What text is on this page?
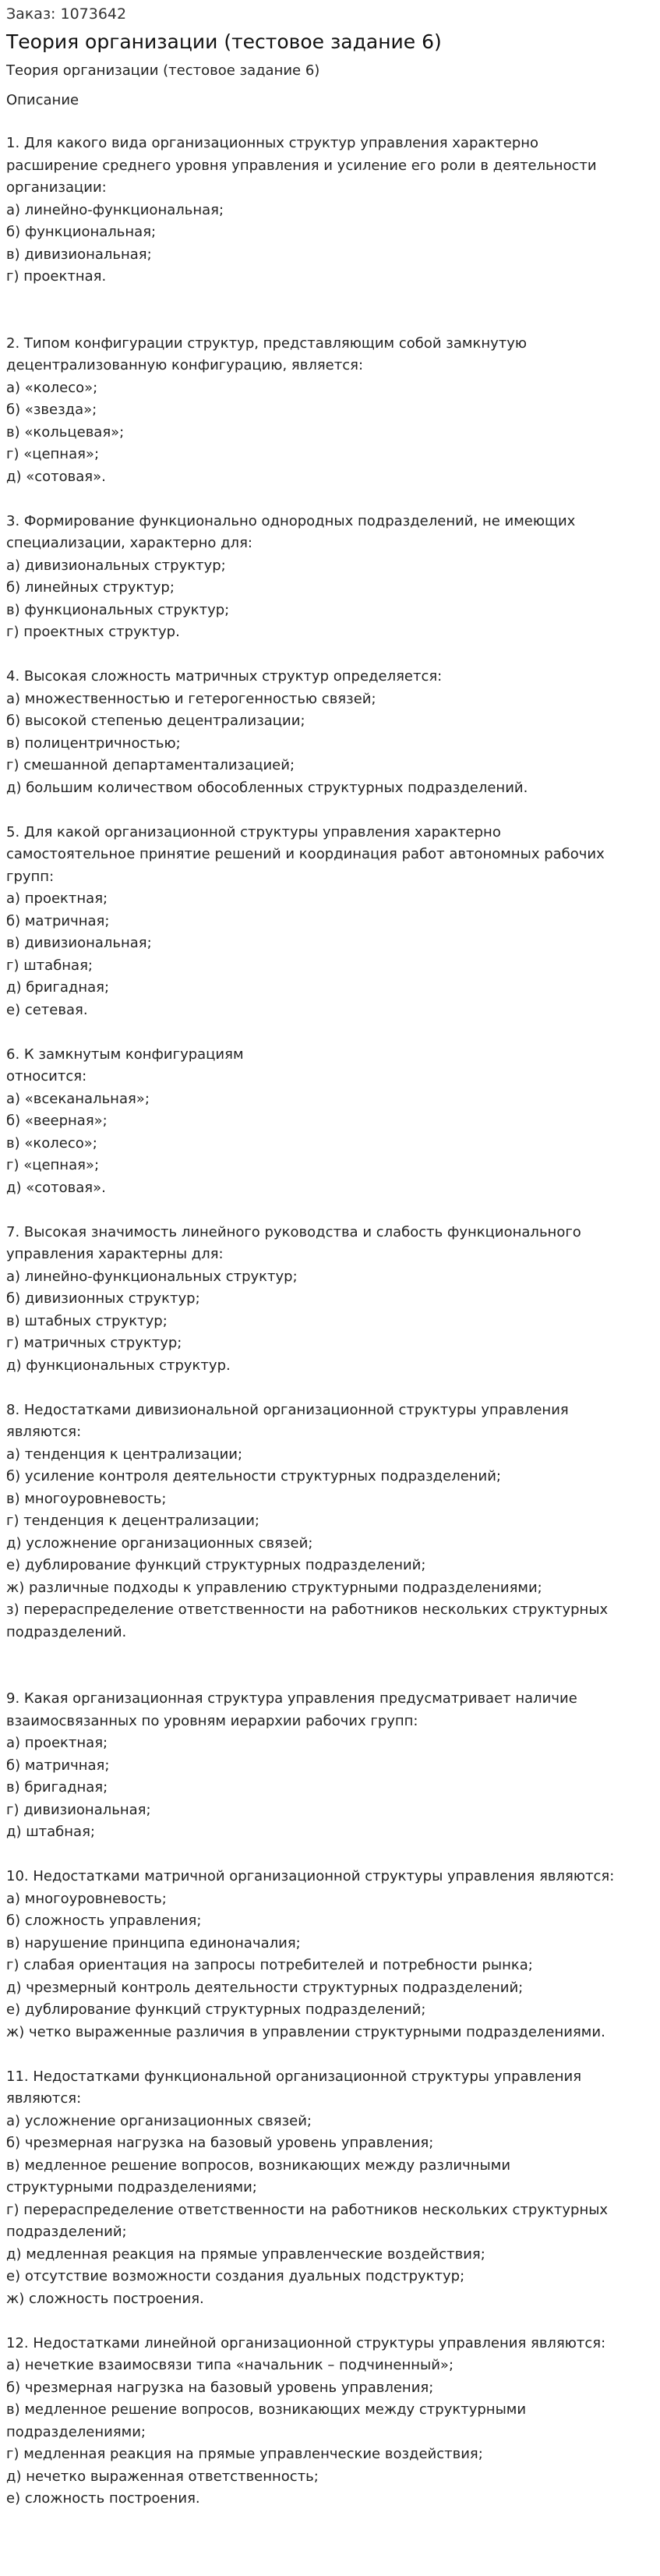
Заказ: 1073642
Теория организации (тестовое задание 6)
Теория организации (тестовое задание 6)
Описание
1. Для какого вида организационных структур управления характерно
расширение среднего уровня управления и усиление его роли в деятельности
организации:
а) линейно-функциональная;
б) функциональная;
в) дивизиональная;
г) проектная.
2. Типом конфигурации структур, представляющим собой замкнутую
децентрализованную конфигурацию, является:
а) «колесо»;
б) «звезда»;
в) «кольцевая»;
г) «цепная»;
д) «сотовая».
3. Формирование функционально однородных подразделений, не имеющих
специализации, характерно для:
а) дивизиональных структур;
б) линейных структур;
в) функциональных структур;
г) проектных структур.
4. Высокая сложность матричных структур определяется:
а) множественностью и гетерогенностью связей;
б) высокой степенью децентрализации;
в) полицентричностью;
г) смешанной департаментализацией;
д) большим количеством обособленных структурных подразделений.
5. Для какой организационной структуры управления характерно
самостоятельное принятие решений и координация работ автономных рабочих
групп:
а) проектная;
б) матричная;
в) дивизиональная;
г) штабная;
д) бригадная;
е) сетевая.
6. К замкнутым конфигурациям
относится:
а) «всеканальная»;
б) «веерная»;
в) «колесо»;
г) «цепная»;
д) «сотовая».
7. Высокая значимость линейного руководства и слабость функционального
управления характерны для:
а) линейно-функциональных структур;
б) дивизионных структур;
в) штабных структур;
г) матричных структур;
д) функциональных структур.
8. Недостатками дивизиональной организационной структуры управления
являются:
а) тенденция к централизации;
б) усиление контроля деятельности структурных подразделений;
в) многоуровневость;
г) тенденция к децентрализации;
д) усложнение организационных связей;
е) дублирование функций структурных подразделений;
ж) различные подходы к управлению структурными подразделениями;
з) перераспределение ответственности на работников нескольких структурных
подразделений.
9. Какая организационная структура управления предусматривает наличие
взаимосвязанных по уровням иерархии рабочих групп:
а) проектная;
б) матричная;
в) бригадная;
г) дивизиональная;
д) штабная;
10. Недостатками матричной организационной структуры управления являются:
а) многоуровневость;
б) сложность управления;
в) нарушение принципа единоначалия;
г) слабая ориентация на запросы потребителей и потребности рынка;
д) чрезмерный контроль деятельности структурных подразделений;
е) дублирование функций структурных подразделений;
ж) четко выраженные различия в управлении структурными подразделениями.
11. Недостатками функциональной организационной структуры управления
являются:
а) усложнение организационных связей;
б) чрезмерная нагрузка на базовый уровень управления;
в) медленное решение вопросов, возникающих между различными
структурными подразделениями;
г) перераспределение ответственности на работников нескольких структурных
подразделений;
д) медленная реакция на прямые управленческие воздействия;
е) отсутствие возможности создания дуальных подструктур;
ж) сложность построения.
12. Недостатками линейной организационной структуры управления являются:
а) нечеткие взаимосвязи типа «начальник – подчиненный»;
б) чрезмерная нагрузка на базовый уровень управления;
в) медленное решение вопросов, возникающих между структурными
подразделениями;
г) медленная реакция на прямые управленческие воздействия;
д) нечетко выраженная ответственность;
е) сложность построения.
